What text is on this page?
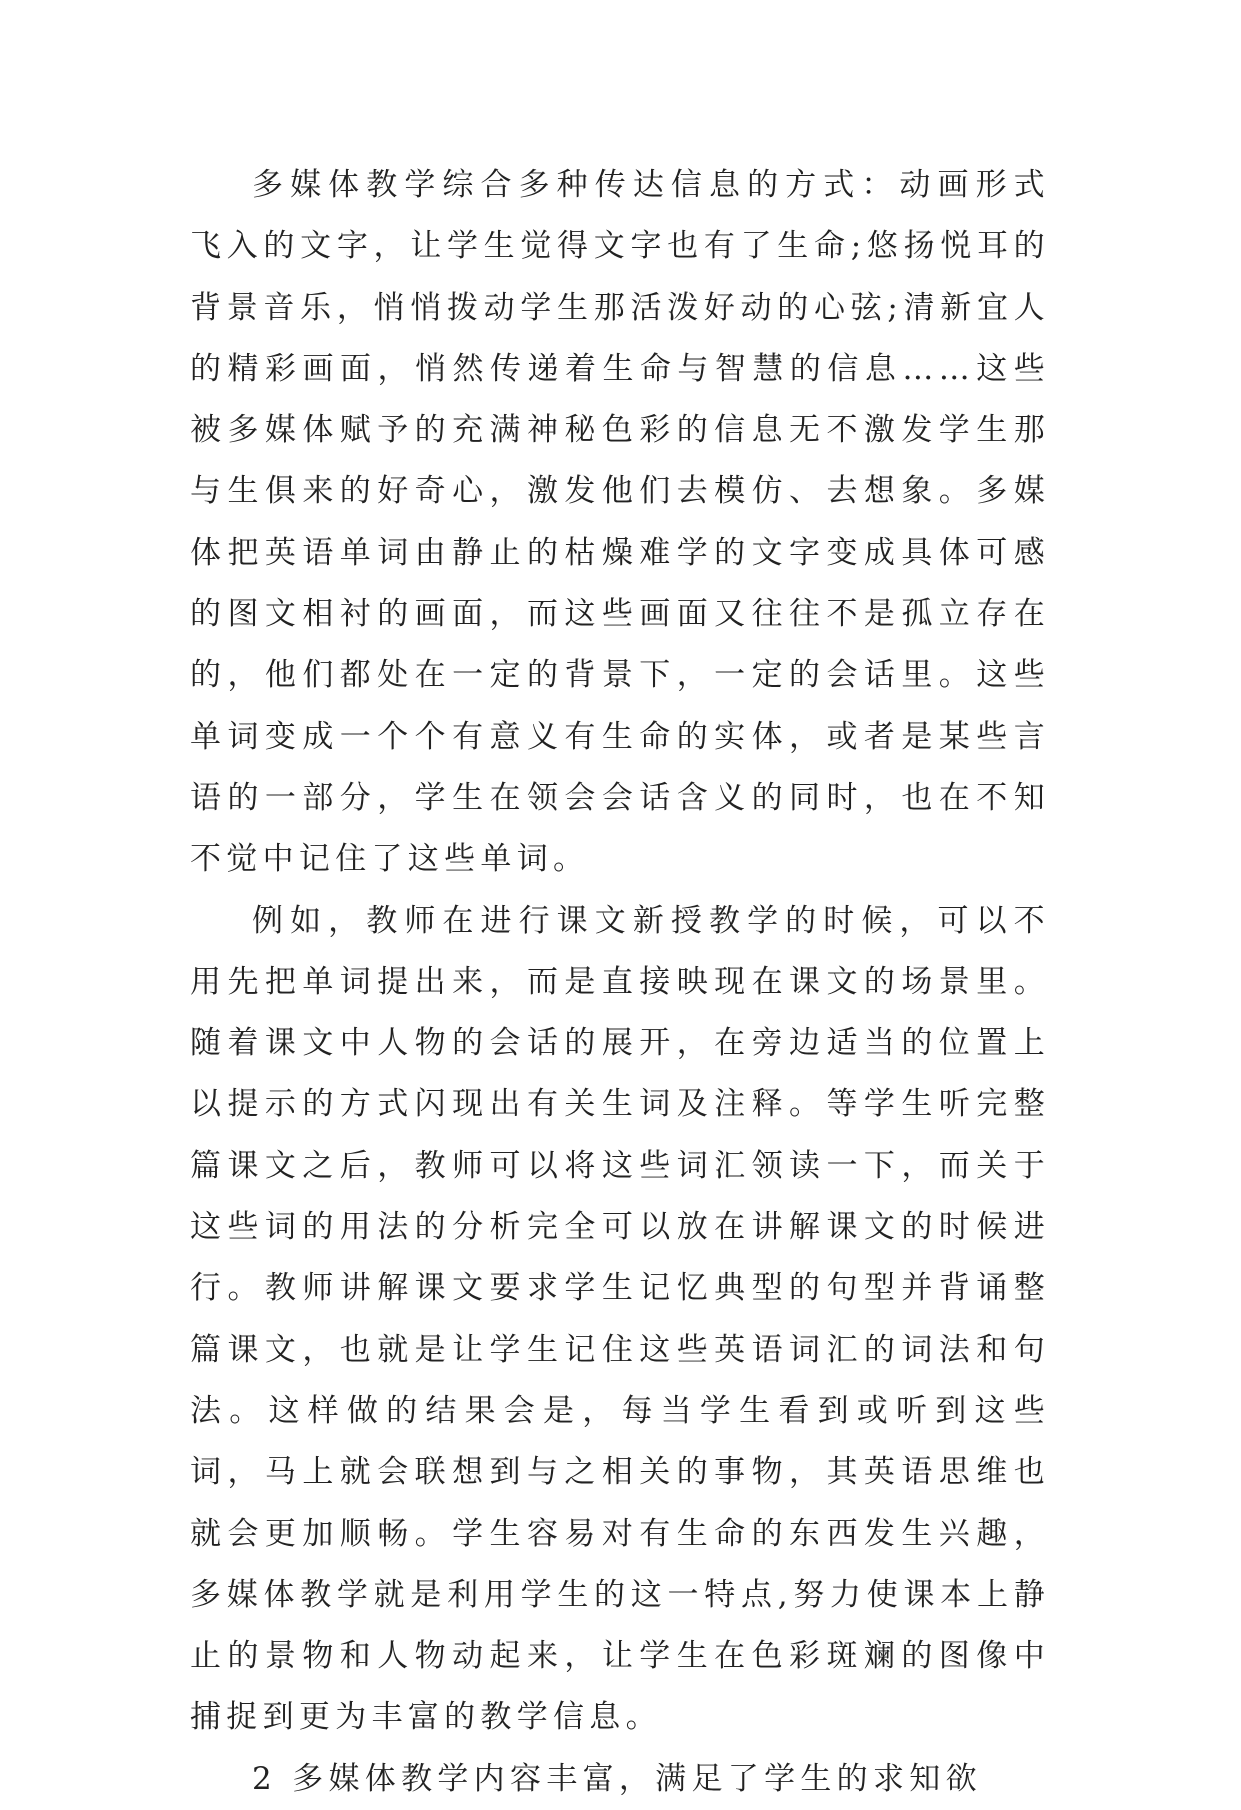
多媒体教学综合多种传达信息的方式：动画形式飞入的文字，让学生觉得文字也有了生命;悠扬悦耳的背景音乐，悄悄拨动学生那活泼好动的心弦;清新宜人的精彩画面，悄然传递着生命与智慧的信息……这些被多媒体赋予的充满神秘色彩的信息无不激发学生那与生俱来的好奇心，激发他们去模仿、去想象。多媒体把英语单词由静止的枯燥难学的文字变成具体可感的图文相衬的画面，而这些画面又往往不是孤立存在的，他们都处在一定的背景下，一定的会话里。这些单词变成一个个有意义有生命的实体，或者是某些言语的一部分，学生在领会会话含义的同时，也在不知不觉中记住了这些单词。

例如，教师在进行课文新授教学的时候，可以不用先把单词提出来，而是直接映现在课文的场景里。随着课文中人物的会话的展开，在旁边适当的位置上以提示的方式闪现出有关生词及注释。等学生听完整篇课文之后，教师可以将这些词汇领读一下，而关于这些词的用法的分析完全可以放在讲解课文的时候进行。教师讲解课文要求学生记忆典型的句型并背诵整篇课文，也就是让学生记住这些英语词汇的词法和句法。这样做的结果会是，每当学生看到或听到这些词，马上就会联想到与之相关的事物，其英语思维也就会更加顺畅。学生容易对有生命的东西发生兴趣，多媒体教学就是利用学生的这一特点,努力使课本上静止的景物和人物动起来，让学生在色彩斑斓的图像中捕捉到更为丰富的教学信息。

2 多媒体教学内容丰富，满足了学生的求知欲
